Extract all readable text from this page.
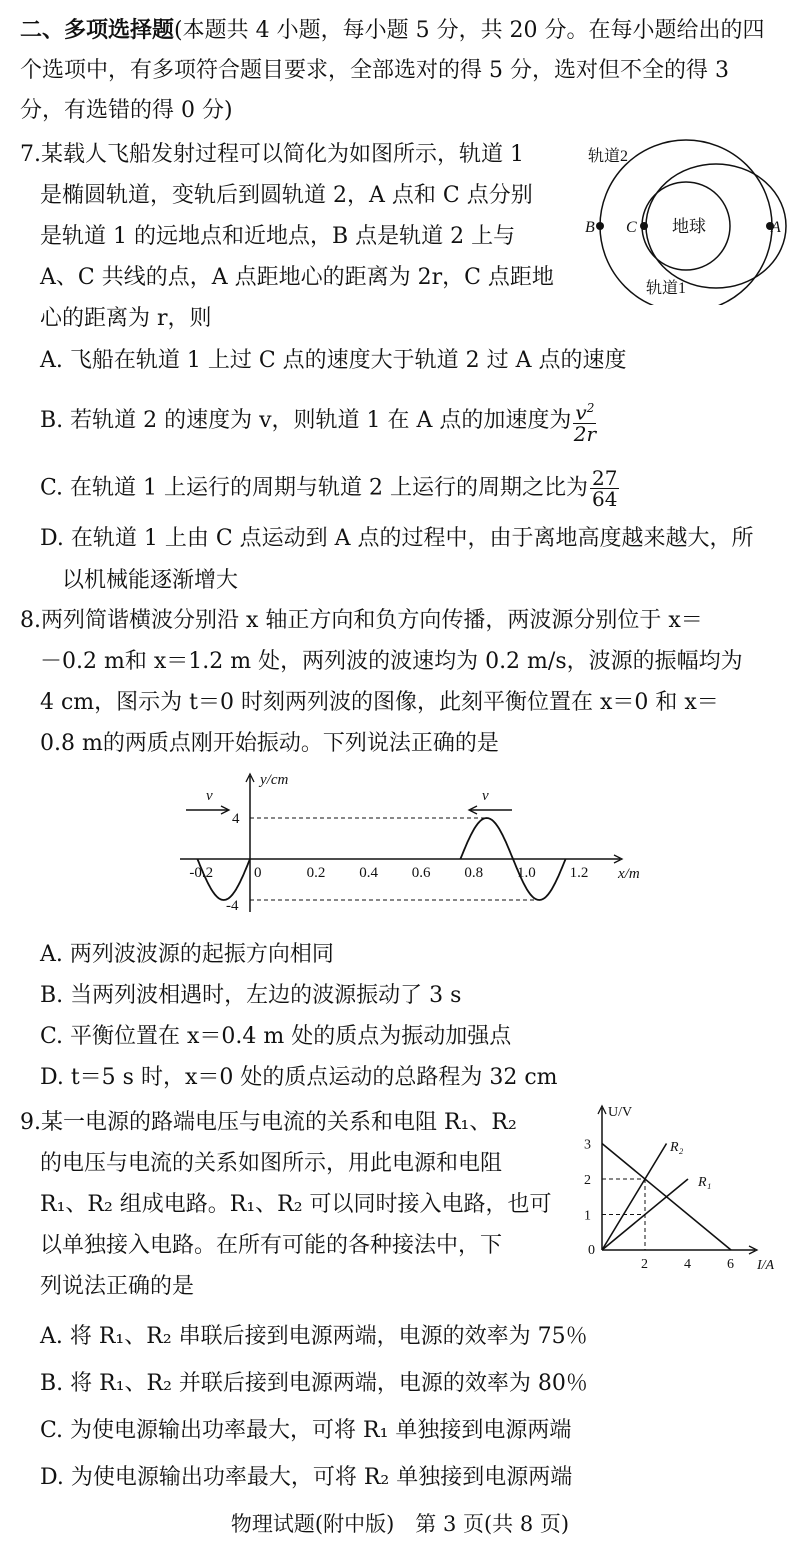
二、多项选择题(本题共 4 小题，每小题 5 分，共 20 分。在每小题给出的四
个选项中，有多项符合题目要求，全部选对的得 5 分，选对但不全的得 3
分，有选错的得 0 分)
7.某载人飞船发射过程可以简化为如图所示，轨道 1
是椭圆轨道，变轨后到圆轨道 2，A 点和 C 点分别
是轨道 1 的远地点和近地点，B 点是轨道 2 上与
A、C 共线的点，A 点距地心的距离为 2r，C 点距地
心的距离为 r，则
轨道2
轨道1
地球	A
B C
A. 飞船在轨道 1 上过 C 点的速度大于轨道 2 过 A 点的速度
B. 若轨道 2 的速度为 v，则轨道 1 在 A 点的加速度为 $\frac{v^2}{2r}$
C. 在轨道 1 上运行的周期与轨道 2 上运行的周期之比为 $\frac{27}{64}$
D. 在轨道 1 上由 C 点运动到 A 点的过程中，由于离地高度越来越大，所
以机械能逐渐增大
8.两列简谐横波分别沿 x 轴正方向和负方向传播，两波源分别位于 x＝
－0.2 m和 x＝1.2 m 处，两列波的波速均为 0.2 m/s，波源的振幅均为
4 cm，图示为 t＝0 时刻两列波的图像，此刻平衡位置在 x＝0 和 x＝
0.8 m的两质点刚开始振动。下列说法正确的是
-0.2	0	0.2 0.4 0.6 0.8 1.0 1.2
4
-4
y/cm
x/m
v	v
A. 两列波波源的起振方向相同
B. 当两列波相遇时，左边的波源振动了 3 s
C. 平衡位置在 x＝0.4 m 处的质点为振动加强点
D. t＝5 s 时，x＝0 处的质点运动的总路程为 32 cm
9.某一电源的路端电压与电流的关系和电阻 R₁、R₂
的电压与电流的关系如图所示，用此电源和电阻
R₁、R₂ 组成电路。R₁、R₂ 可以同时接入电路，也可
以单独接入电路。在所有可能的各种接法中，下
列说法正确的是
3
2
1
0
2	4	6
U/V
I/A
R₂
R₁
A. 将 R₁、R₂ 串联后接到电源两端，电源的效率为 75％
B. 将 R₁、R₂ 并联后接到电源两端，电源的效率为 80％
C. 为使电源输出功率最大，可将 R₁ 单独接到电源两端
D. 为使电源输出功率最大，可将 R₂ 单独接到电源两端
物理试题(附中版)　第 3 页(共 8 页)
